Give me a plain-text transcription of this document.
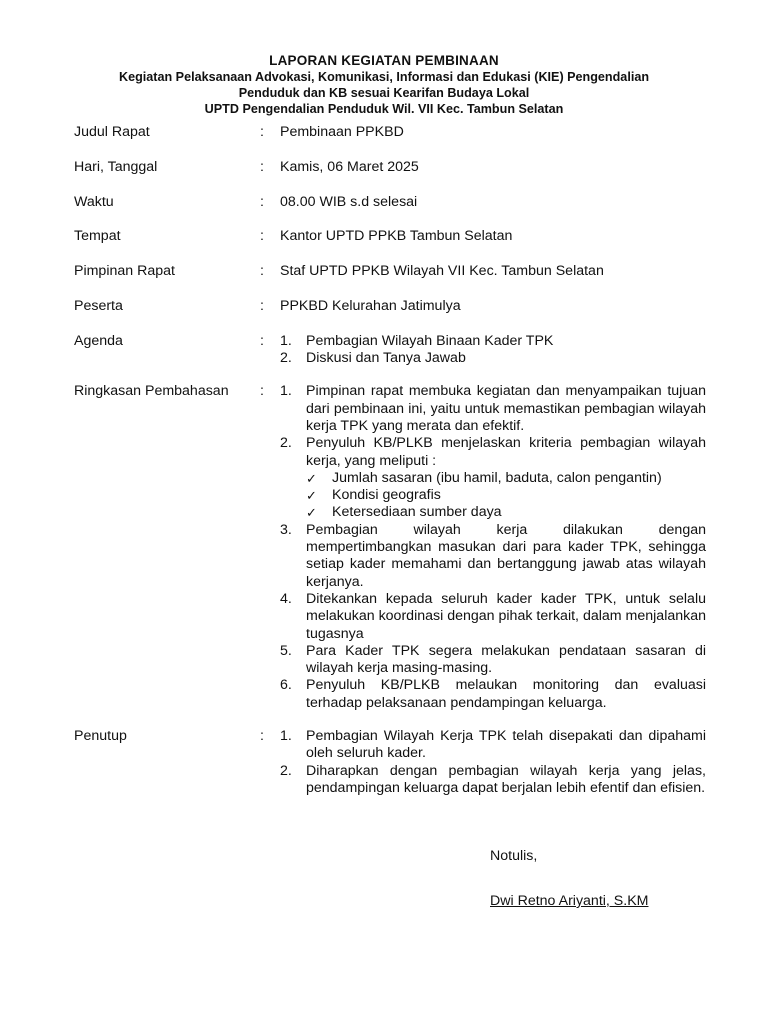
LAPORAN KEGIATAN PEMBINAAN
Kegiatan Pelaksanaan Advokasi, Komunikasi, Informasi dan Edukasi (KIE) Pengendalian
Penduduk dan KB sesuai Kearifan Budaya Lokal
UPTD Pengendalian Penduduk Wil. VII Kec. Tambun Selatan
Judul Rapat	:	Pembinaan PPKBD
Hari, Tanggal	:	Kamis, 06 Maret 2025
Waktu	:	08.00 WIB s.d selesai
Tempat	:	Kantor UPTD PPKB Tambun Selatan
Pimpinan Rapat	:	Staf UPTD PPKB Wilayah VII Kec. Tambun Selatan
Peserta	:	PPKBD Kelurahan Jatimulya
Agenda	:	1. Pembagian Wilayah Binaan Kader TPK
2. Diskusi dan Tanya Jawab
Ringkasan Pembahasan	:	1. Pimpinan rapat membuka kegiatan dan menyampaikan tujuan dari pembinaan ini, yaitu untuk memastikan pembagian wilayah kerja TPK yang merata dan efektif.
2. Penyuluh KB/PLKB menjelaskan kriteria pembagian wilayah kerja, yang meliputi :
✓	Jumlah sasaran (ibu hamil, baduta, calon pengantin)
✓	Kondisi geografis
✓	Ketersediaan sumber daya
3. Pembagian wilayah kerja dilakukan dengan mempertimbangkan masukan dari para kader TPK, sehingga setiap kader memahami dan bertanggung jawab atas wilayah kerjanya.
4. Ditekankan kepada seluruh kader kader TPK, untuk selalu melakukan koordinasi dengan pihak terkait, dalam menjalankan tugasnya
5. Para Kader TPK segera melakukan pendataan sasaran di wilayah kerja masing-masing.
6. Penyuluh KB/PLKB melaukan monitoring dan evaluasi terhadap pelaksanaan pendampingan keluarga.
Penutup	:	1. Pembagian Wilayah Kerja TPK telah disepakati dan dipahami oleh seluruh kader.
2. Diharapkan dengan pembagian wilayah kerja yang jelas, pendampingan keluarga dapat berjalan lebih efentif dan efisien.
Notulis,
Dwi Retno Ariyanti, S.KM
